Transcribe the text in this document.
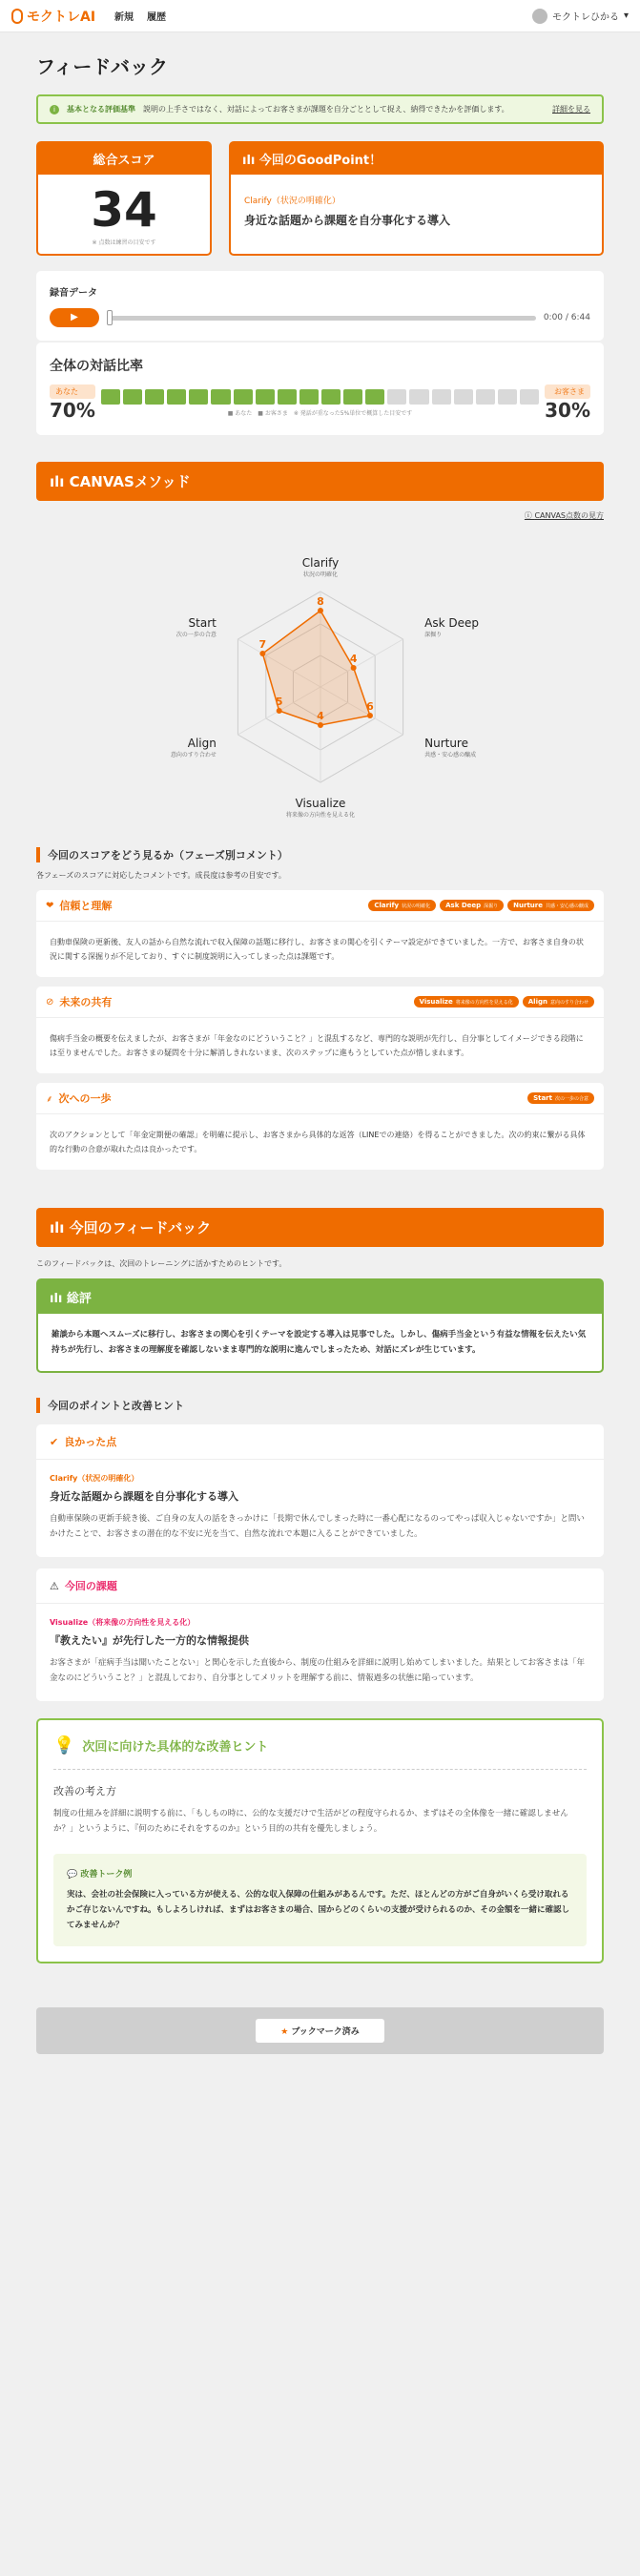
モクトレAI 新規 履歴	モクトレひかる ▾
フィードバック
i	基本となる評価基準 説明の上手さではなく、対話によってお客さまが課題を自分ごととして捉え、納得できたかを評価します。	詳細を見る
総合スコア
34
※ 点数は練習の目安です
ılı 今回のGoodPoint！
Clarify（状況の明確化）
身近な話題から課題を自分事化する導入
録音データ
▶	0:00 / 6:44
全体の対話比率
あなた
70%	■ あなた　■ お客さま　※ 発話が重なった5%単位で概算した目安です
お客さま
30%
ılı CANVASメソッド
ⓘ CANVAS点数の見方
8
Clarify
状況の明確化
4
Ask Deep
深掘り
6
Nurture
共感・安心感の醸成
4
Visualize
将来像の方向性を見える化
5
Align
意向のすり合わせ
7
Start
次の一歩の合意
今回のスコアをどう見るか（フェーズ別コメント）
各フェーズのスコアに対応したコメントです。成長度は参考の目安です。
❤ 信頼と理解	Clarify 状況の明確化	Ask Deep 深掘り	Nurture 共感・安心感の醸成
自動車保険の更新後、友人の話から自然な流れで収入保障の話題に移行し、お客さまの関心を引くテーマ設定ができていました。一方で、お客さま自身の状況に関する深掘りが不足しており、すぐに制度説明に入ってしまった点は課題です。
⊘ 未来の共有	Visualize 将来像の方向性を見える化	Align 意向のすり合わせ
傷病手当金の概要を伝えましたが、お客さまが「年金なのにどういうこと？」と混乱するなど、専門的な説明が先行し、自分事としてイメージできる段階には至りませんでした。お客さまの疑問を十分に解消しきれないまま、次のステップに進もうとしていた点が惜しまれます。
⸙ 次への一歩	Start 次の一歩の合意
次のアクションとして「年金定期便の確認」を明確に提示し、お客さまから具体的な返答（LINEでの連絡）を得ることができました。次の約束に繋がる具体的な行動の合意が取れた点は良かったです。
ılı 今回のフィードバック
このフィードバックは、次回のトレーニングに活かすためのヒントです。
ılı 総評
雑談から本題へスムーズに移行し、お客さまの関心を引くテーマを設定する導入は見事でした。しかし、傷病手当金という有益な情報を伝えたい気持ちが先行し、お客さまの理解度を確認しないまま専門的な説明に進んでしまったため、対話にズレが生じています。
今回のポイントと改善ヒント
✔ 良かった点
Clarify（状況の明確化）
身近な話題から課題を自分事化する導入
自動車保険の更新手続き後、ご自身の友人の話をきっかけに「長期で休んでしまった時に一番心配になるのってやっぱ収入じゃないですか」と問いかけたことで、お客さまの潜在的な不安に光を当て、自然な流れで本題に入ることができていました。
⚠ 今回の課題
Visualize（将来像の方向性を見える化）
『教えたい』が先行した一方的な情報提供
お客さまが「症病手当は聞いたことない」と関心を示した直後から、制度の仕組みを詳細に説明し始めてしまいました。結果としてお客さまは「年金なのにどういうこと？」と混乱しており、自分事としてメリットを理解する前に、情報過多の状態に陥っています。
💡 次回に向けた具体的な改善ヒント
改善の考え方
制度の仕組みを詳細に説明する前に、「もしもの時に、公的な支援だけで生活がどの程度守られるか、まずはその全体像を一緒に確認しませんか？」というように、『何のためにそれをするのか』という目的の共有を優先しましょう。
💬 改善トーク例
実は、会社の社会保険に入っている方が使える、公的な収入保障の仕組みがあるんです。ただ、ほとんどの方がご自身がいくら受け取れるかご存じないんですね。もしよろしければ、まずはお客さまの場合、国からどのくらいの支援が受けられるのか、その金額を一緒に確認してみませんか？
★ ブックマーク済み
